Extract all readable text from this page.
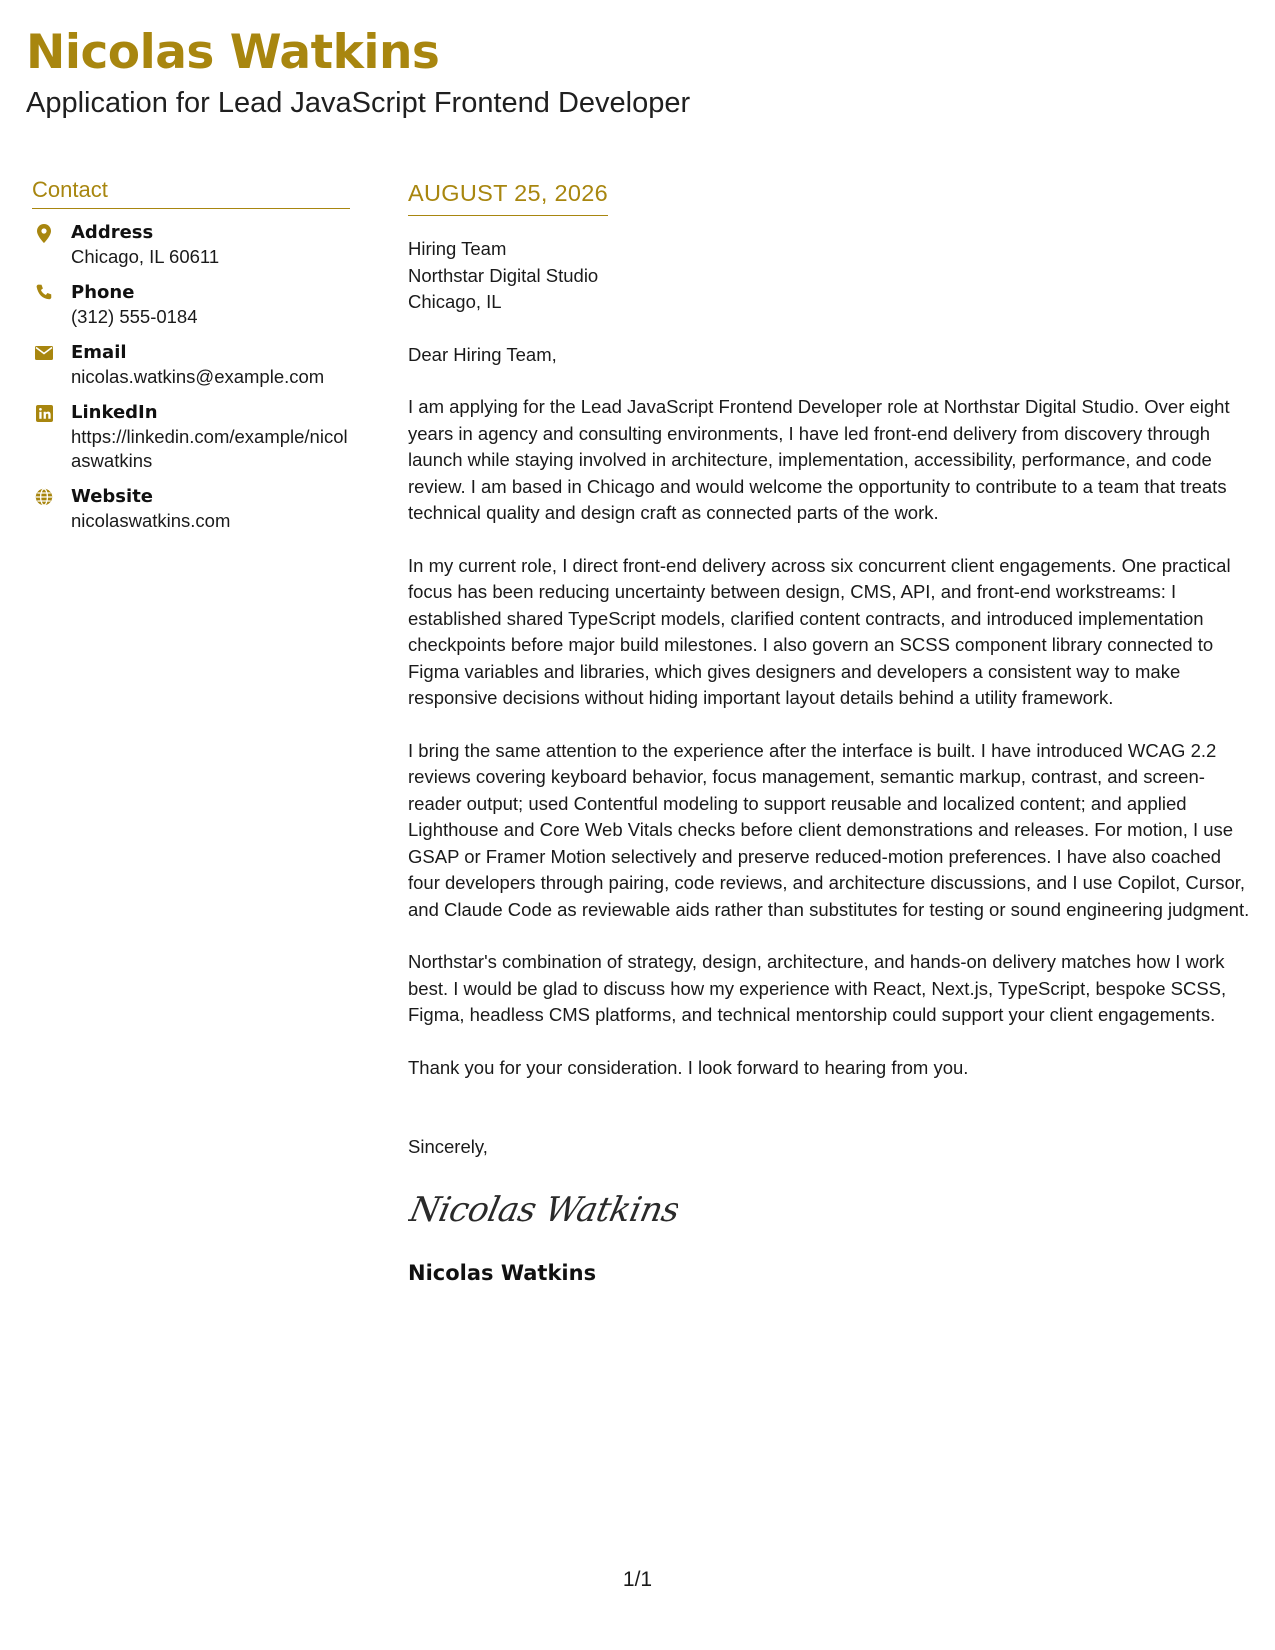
Nicolas Watkins

Application for Lead JavaScript Frontend Developer

Contact
Address
Chicago, IL 60611
Phone
(312) 555-0184
Email
nicolas.watkins@example.com
LinkedIn
https://linkedin.com/example/nicolaswatkins
Website
nicolaswatkins.com
AUGUST 25, 2026
Hiring Team
Northstar Digital Studio
Chicago, IL
Dear Hiring Team,
I am applying for the Lead JavaScript Frontend Developer role at Northstar Digital Studio. Over eight years in agency and consulting environments, I have led front-end delivery from discovery through launch while staying involved in architecture, implementation, accessibility, performance, and code review. I am based in Chicago and would welcome the opportunity to contribute to a team that treats technical quality and design craft as connected parts of the work.
In my current role, I direct front-end delivery across six concurrent client engagements. One practical focus has been reducing uncertainty between design, CMS, API, and front-end workstreams: I established shared TypeScript models, clarified content contracts, and introduced implementation checkpoints before major build milestones. I also govern an SCSS component library connected to Figma variables and libraries, which gives designers and developers a consistent way to make responsive decisions without hiding important layout details behind a utility framework.
I bring the same attention to the experience after the interface is built. I have introduced WCAG 2.2 reviews covering keyboard behavior, focus management, semantic markup, contrast, and screen-reader output; used Contentful modeling to support reusable and localized content; and applied Lighthouse and Core Web Vitals checks before client demonstrations and releases. For motion, I use GSAP or Framer Motion selectively and preserve reduced-motion preferences. I have also coached four developers through pairing, code reviews, and architecture discussions, and I use Copilot, Cursor, and Claude Code as reviewable aids rather than substitutes for testing or sound engineering judgment.
Northstar's combination of strategy, design, architecture, and hands-on delivery matches how I work best. I would be glad to discuss how my experience with React, Next.js, TypeScript, bespoke SCSS, Figma, headless CMS platforms, and technical mentorship could support your client engagements.
Thank you for your consideration. I look forward to hearing from you.
Sincerely,
Nicolas Watkins
Nicolas Watkins
1/1
